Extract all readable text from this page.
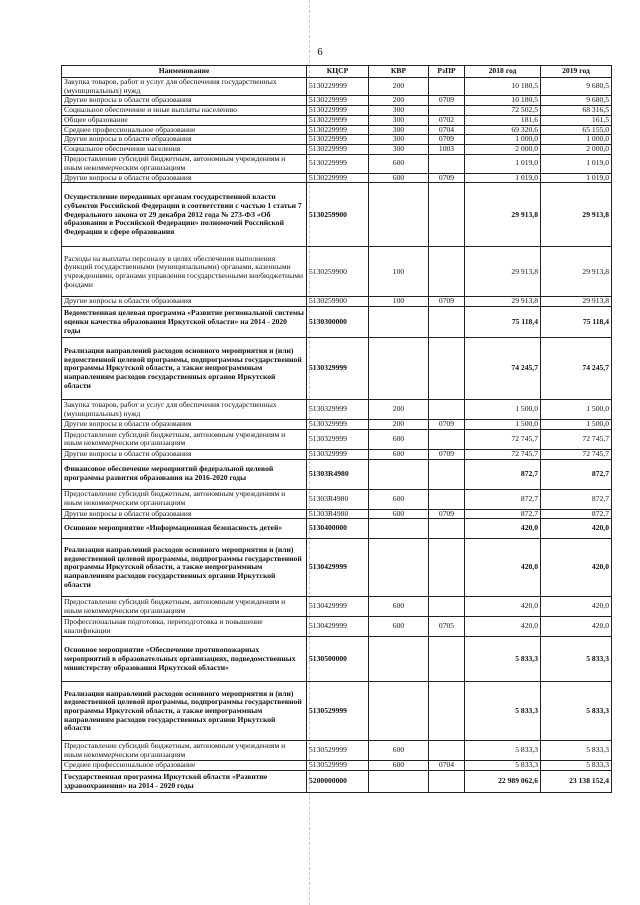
6
Наименование	КЦСР	КВР	РзПР	2018 год	2019 год
Закупка товаров, работ и услуг для обеспечения государственных (муниципальных) нужд	5130229999	200		10 180,5	9 680,5
Другие вопросы в области образования	5130229999	200	0709	10 180,5	9 680,5
Социальное обеспечение и иные выплаты населению	5130229999	300		72 502,5	68 316,5
Общее образование	5130229999	300	0702	181,6	161,5
Среднее профессиональное образование	5130229999	300	0704	69 320,6	65 155,0
Другие вопросы в области образования	5130229999	300	0709	1 000,0	1 000,0
Социальное обеспечение населения	5130229999	300	1003	2 000,0	2 000,0
Предоставление субсидий бюджетным, автономным учреждениям и иным некоммерческим организациям	5130229999	600		1 019,0	1 019,0
Другие вопросы в области образования	5130229999	600	0709	1 019,0	1 019,0
Осуществление переданных органам государственной власти субъектов Российской Федерации в соответствии с частью 1 статьи 7 Федерального закона от 29 декабря 2012 года № 273-ФЗ «Об образовании в Российской Федерации» полномочий Российской Федерации в сфере образования	5130259900			29 913,8	29 913,8
Расходы на выплаты персоналу в целях обеспечения выполнения функций государственными (муниципальными) органами, казенными учреждениями, органами управления государственными внебюджетными фондами	5130259900	100		29 913,8	29 913,8
Другие вопросы в области образования	5130259900	100	0709	29 913,8	29 913,8
Ведомственная целевая программа «Развитие региональной системы оценки качества образования Иркутской области» на 2014 - 2020 годы	5130300000			75 118,4	75 118,4
Реализация направлений расходов основного мероприятия и (или) ведомственной целевой программы, подпрограммы государственной программы Иркутской области, а также непрограммным направлениям расходов государственных органов Иркутской области	5130329999			74 245,7	74 245,7
Закупка товаров, работ и услуг для обеспечения государственных (муниципальных) нужд	5130329999	200		1 500,0	1 500,0
Другие вопросы в области образования	5130329999	200	0709	1 500,0	1 500,0
Предоставление субсидий бюджетным, автономным учреждениям и иным некоммерческим организациям	5130329999	600		72 745,7	72 745,7
Другие вопросы в области образования	5130329999	600	0709	72 745,7	72 745,7
Финансовое обеспечение мероприятий федеральной целевой программы развития образования на 2016-2020 годы	51303R4980			872,7	872,7
Предоставление субсидий бюджетным, автономным учреждениям и иным некоммерческим организациям	51303R4980	600		872,7	872,7
Другие вопросы в области образования	51303R4980	600	0709	872,7	872,7
Основное мероприятие «Информационная безопасность детей»	5130400000			420,0	420,0
Реализация направлений расходов основного мероприятия и (или) ведомственной целевой программы, подпрограммы государственной программы Иркутской области, а также непрограммным направлениям расходов государственных органов Иркутской области	5130429999			420,0	420,0
Предоставление субсидий бюджетным, автономным учреждениям и иным некоммерческим организациям	5130429999	600		420,0	420,0
Профессиональная подготовка, переподготовка и повышение квалификации	5130429999	600	0705	420,0	420,0
Основное мероприятие «Обеспечение противопожарных мероприятий в образовательных организациях, подведомственных министерству образования Иркутской области»	5130500000			5 833,3	5 833,3
Реализация направлений расходов основного мероприятия и (или) ведомственной целевой программы, подпрограммы государственной программы Иркутской области, а также непрограммным направлениям расходов государственных органов Иркутской области	5130529999			5 833,3	5 833,3
Предоставление субсидий бюджетным, автономным учреждениям и иным некоммерческим организациям	5130529999	600		5 833,3	5 833,3
Среднее профессиональное образование	5130529999	600	0704	5 833,3	5 833,3
Государственная программа Иркутской области «Развитие здравоохранения» на 2014 - 2020 годы	5200000000			22 989 062,6	23 138 152,4
